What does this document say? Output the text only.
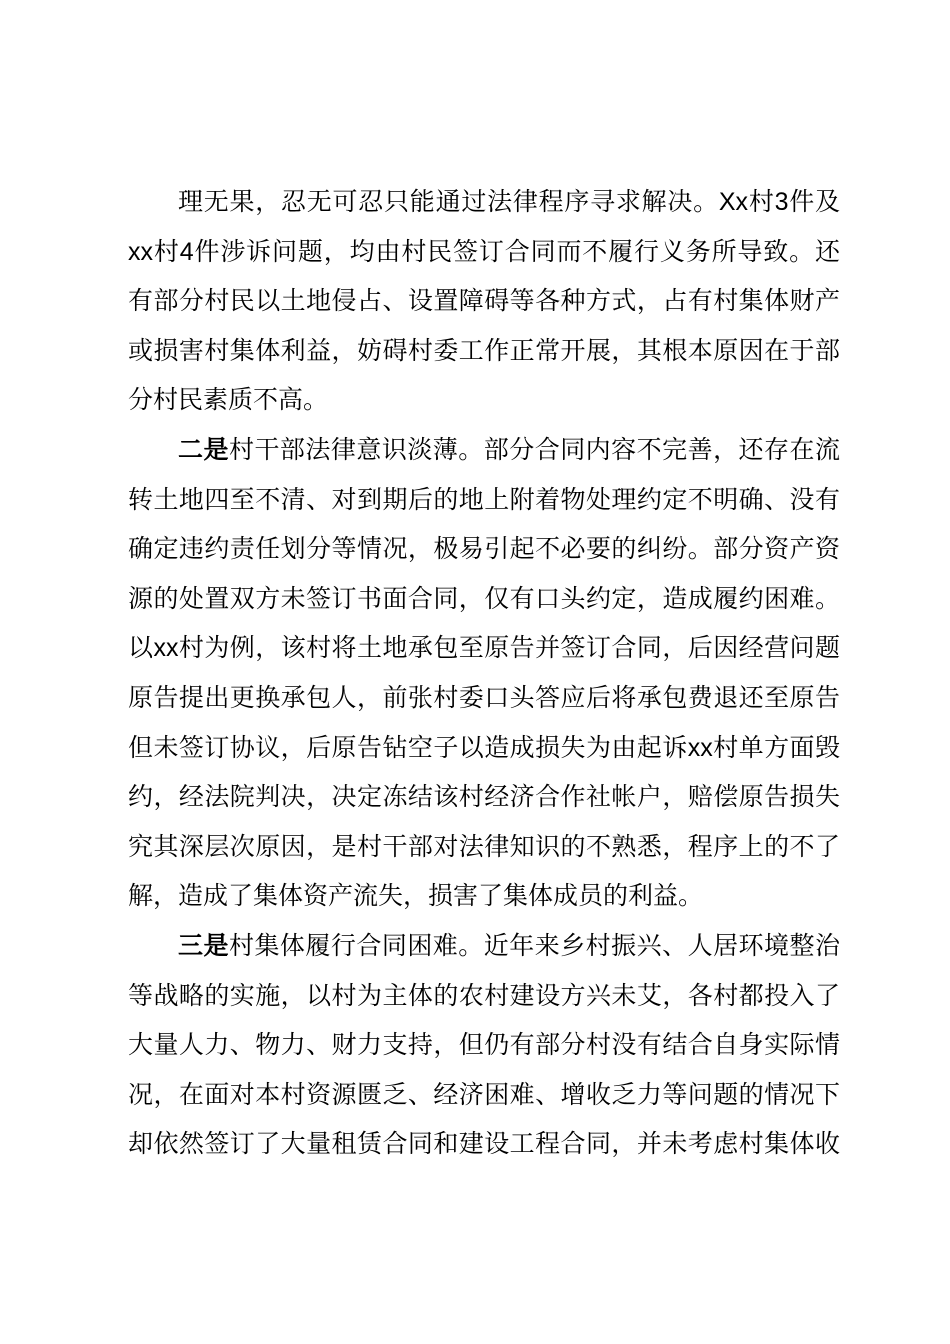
理无果，忍无可忍只能通过法律程序寻求解决。Xx村3件及
xx村4件涉诉问题，均由村民签订合同而不履行义务所导致。还
有部分村民以土地侵占、设置障碍等各种方式，占有村集体财产
或损害村集体利益，妨碍村委工作正常开展，其根本原因在于部
分村民素质不高。
二是村干部法律意识淡薄。部分合同内容不完善，还存在流
转土地四至不清、对到期后的地上附着物处理约定不明确、没有
确定违约责任划分等情况，极易引起不必要的纠纷。部分资产资
源的处置双方未签订书面合同，仅有口头约定，造成履约困难。
以xx村为例，该村将土地承包至原告并签订合同，后因经营问题
原告提出更换承包人，前张村委口头答应后将承包费退还至原告
但未签订协议，后原告钻空子以造成损失为由起诉xx村单方面毁
约，经法院判决，决定冻结该村经济合作社帐户，赔偿原告损失
究其深层次原因，是村干部对法律知识的不熟悉，程序上的不了
解，造成了集体资产流失，损害了集体成员的利益。
三是村集体履行合同困难。近年来乡村振兴、人居环境整治
等战略的实施，以村为主体的农村建设方兴未艾，各村都投入了
大量人力、物力、财力支持，但仍有部分村没有结合自身实际情
况，在面对本村资源匮乏、经济困难、增收乏力等问题的情况下
却依然签订了大量租赁合同和建设工程合同，并未考虑村集体收
